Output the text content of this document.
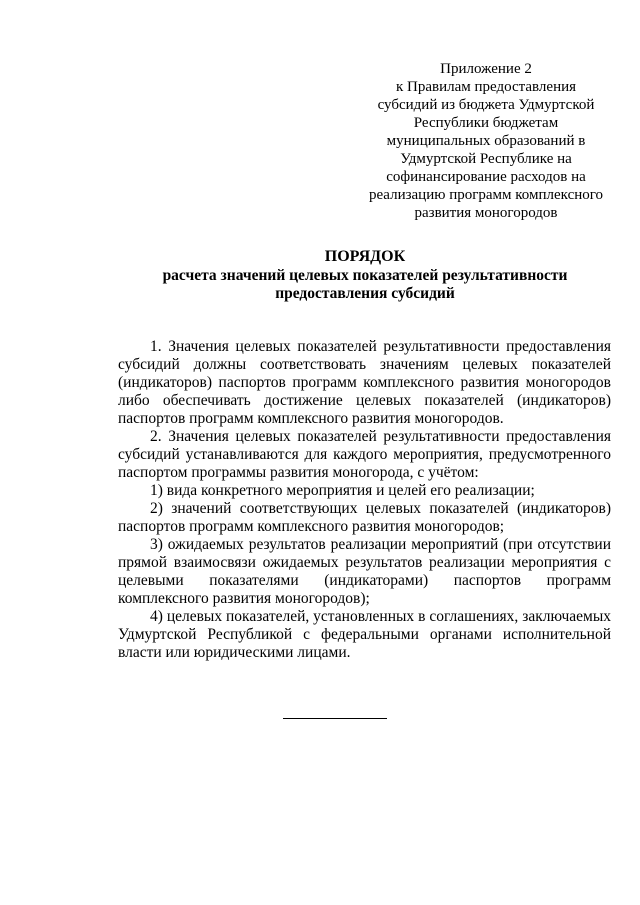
Приложение 2
к Правилам предоставления
субсидий из бюджета Удмуртской
Республики бюджетам
муниципальных образований в
Удмуртской Республике на
софинансирование расходов на
реализацию программ комплексного
развития моногородов
ПОРЯДОК
расчета значений целевых показателей результативности
предоставления субсидий

1. Значения целевых показателей результативности предоставления субсидий должны соответствовать значениям целевых показателей (индикаторов) паспортов программ комплексного развития моногородов либо обеспечивать достижение целевых показателей (индикаторов) паспортов программ комплексного развития моногородов.

2. Значения целевых показателей результативности предоставления субсидий устанавливаются для каждого мероприятия, предусмотренного паспортом программы развития моногорода, с учётом:

1) вида конкретного мероприятия и целей его реализации;

2) значений соответствующих целевых показателей (индикаторов) паспортов программ комплексного развития моногородов;

3) ожидаемых результатов реализации мероприятий (при отсутствии прямой взаимосвязи ожидаемых результатов реализации мероприятия с целевыми показателями (индикаторами) паспортов программ комплексного развития моногородов);

4) целевых показателей, установленных в соглашениях, заключаемых Удмуртской Республикой с федеральными органами исполнительной власти или юридическими лицами.
